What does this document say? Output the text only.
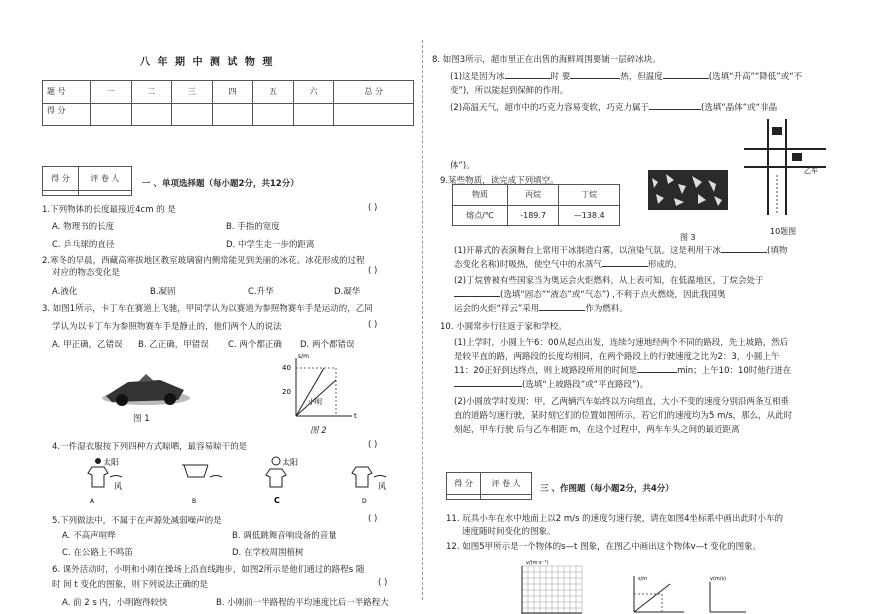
八 年 期 中 测 试 物 理
题 号	一	二	三	四	五	六	总 分
得 分							
得 分	评 卷 人

一 、单项选择题（每小题2分，共12分）
1.下列物体的长度最接近4cm 的 是	( )
A. 物理书的长度	B. 手指的宽度
C. 乒乓球的直径	D. 中学生走一步的距离
2.寒冬的早晨，西藏高寒拔地区教室玻璃窗内侧常能见到美丽的冰花。冰花形成的过程
对应的物态变化是	( )
A.液化	B.凝固	C.升华	D.凝华
3. 如图1所示，卡丁车在赛道上飞驰，甲同学认为以赛道为参照物赛车手是运动的，乙同
学认为以卡丁车为参照物赛车手是静止的，他们两个人的说法	( )
A. 甲正确，乙错误 B. 乙正确，甲错误 C. 两个都正确 D. 两个都错误
图 1
s/m
40
20
t
小明
图 2
4.一件湿衣服按下列四种方式晾晒，最容易晾干的是	( )
太阳
风
太阳
风
A	B	C	D
5.下列做法中，不属于在声源处减弱噪声的是	( )
A. 不高声喧哗	B. 调低跳舞音响设备的音量
C. 在公路上不鸣笛	D. 在学校周围植树
6. 课外活动时，小明和小刚在操场上沿直线跑步，如图2所示是他们通过的路程s 随
时 间 t 变化的图象，则下列说法正确的是	( )
A. 前 2 s 内，小明跑得较快	B. 小刚前一半路程的平均速度比后一半路程大
8. 如图3所示，超市里正在出售的海鲜周围要铺一层碎冰块。
(1)这是因为冰	时 要	热，但温度	(选填“升高”“降低”或“不
变”)，所以能起到保鲜的作用。
(2)高温天气，超市中的巧克力容易变软，巧克力属于	(选填“晶体”或“非晶
体”)。	乙车
10题图
9.某些物质，读完成下列填空。
物质	丙烷	丁烷
熔点/℃	-189.7	—138.4
图 3
(1)开幕式的表演舞台上常用干冰制造白雾，以渲染气氛。这是利用干冰	(填物
态变化名称)时吸热，使空气中的水蒸气	形成的。
(2)丁烷曾被有些国家当为奥运会火炬燃料，从上表可知，在低温地区，丁烷会处于
(选填“固态”“液态”或“气态”) ,不利于点火燃烧，因此我国奥
运会的火炬“祥云”采用	作为燃料。
10. 小圆常步行往返于家和学校。
(1)上学时，小圆上午6：00从起点出发，连续匀速地经两个不同的路段，先上坡路，然后
是较平直的路，两路段的长度均相同，在两个路段上的行驶速度之比为2：3，小圆上午
11：20正好到达终点，则上坡路段所用的时间是	min；上午10：10时他行进在
(选填“上坡路段”或“平直路段”)。
(2)小圆放学时发现：甲，乙两辆汽车始终以方向组直，大小不变的速度分别沿两条互相垂
直的道路匀速行驶，某时刻它们的位置如图所示，若它们的速度均为5 m/s，那么，从此时
刻起，甲车行驶 后与乙车相距 m，在这个过程中，两车车头之间的最近距离
得 分	评 卷 人

三 、作图题（每小题2分，共4分）
11. 玩具小车在水中地面上以2 m/s 的速度匀速行驶，请在如图4坐标系中画出此时小车的
速度随时间变化的图象。
12. 如图5甲所示是一个物体的s—t 图象，在图乙中画出这个物体v—t 变化的图象。
v/(m·s⁻¹)
s/m	v(m/s)
